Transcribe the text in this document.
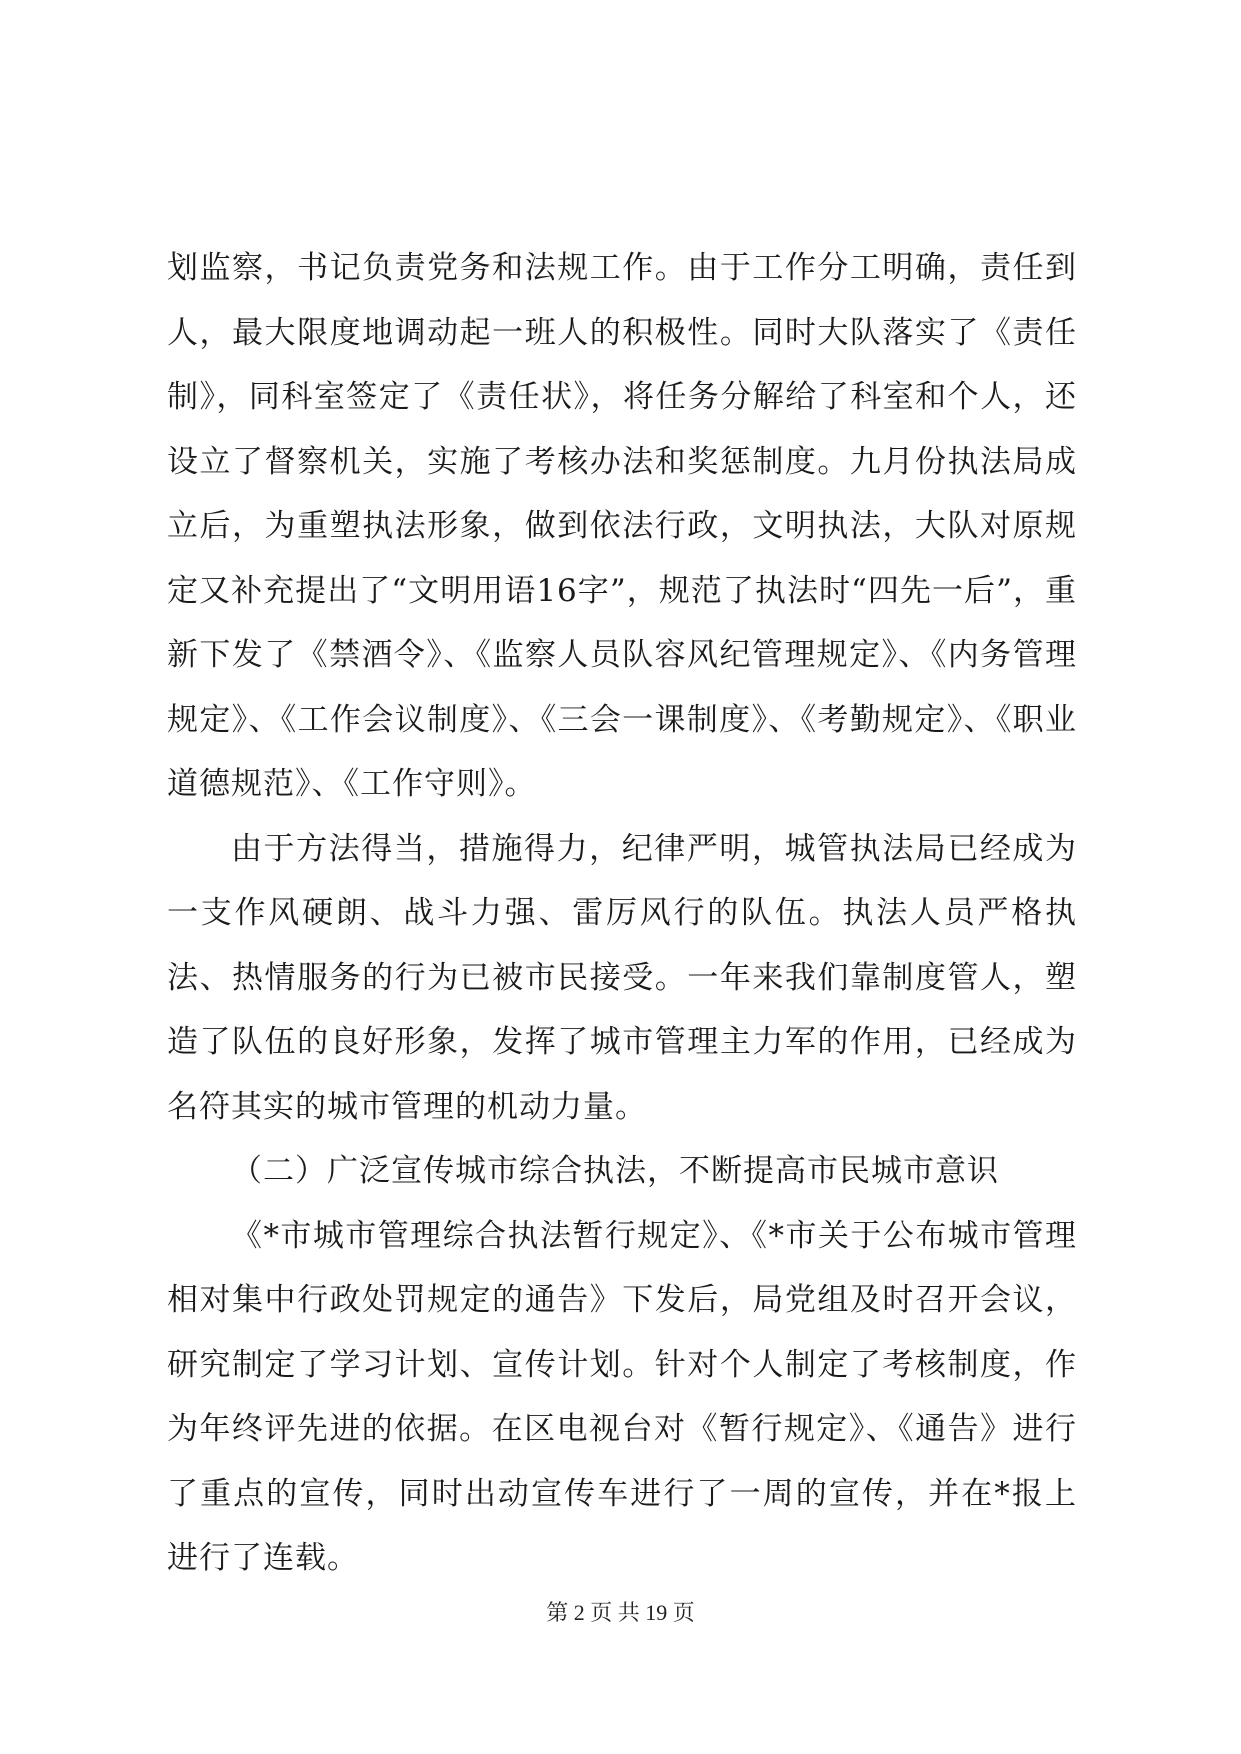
划监察，书记负责党务和法规工作。由于工作分工明确，责任到人，最大限度地调动起一班人的积极性。同时大队落实了《责任制》，同科室签定了《责任状》，将任务分解给了科室和个人，还设立了督察机关，实施了考核办法和奖惩制度。九月份执法局成立后，为重塑执法形象，做到依法行政，文明执法，大队对原规定又补充提出了“文明用语16字”，规范了执法时“四先一后”，重新下发了《禁酒令》、《监察人员队容风纪管理规定》、《内务管理规定》、《工作会议制度》、《三会一课制度》、《考勤规定》、《职业道德规范》、《工作守则》。

由于方法得当，措施得力，纪律严明，城管执法局已经成为一支作风硬朗、战斗力强、雷厉风行的队伍。执法人员严格执法、热情服务的行为已被市民接受。一年来我们靠制度管人，塑造了队伍的良好形象，发挥了城市管理主力军的作用，已经成为名符其实的城市管理的机动力量。

（二）广泛宣传城市综合执法，不断提高市民城市意识

《*市城市管理综合执法暂行规定》、《*市关于公布城市管理相对集中行政处罚规定的通告》下发后，局党组及时召开会议，研究制定了学习计划、宣传计划。针对个人制定了考核制度，作为年终评先进的依据。在区电视台对《暂行规定》、《通告》进行了重点的宣传，同时出动宣传车进行了一周的宣传，并在*报上进行了连载。

第 2 页 共 19 页
